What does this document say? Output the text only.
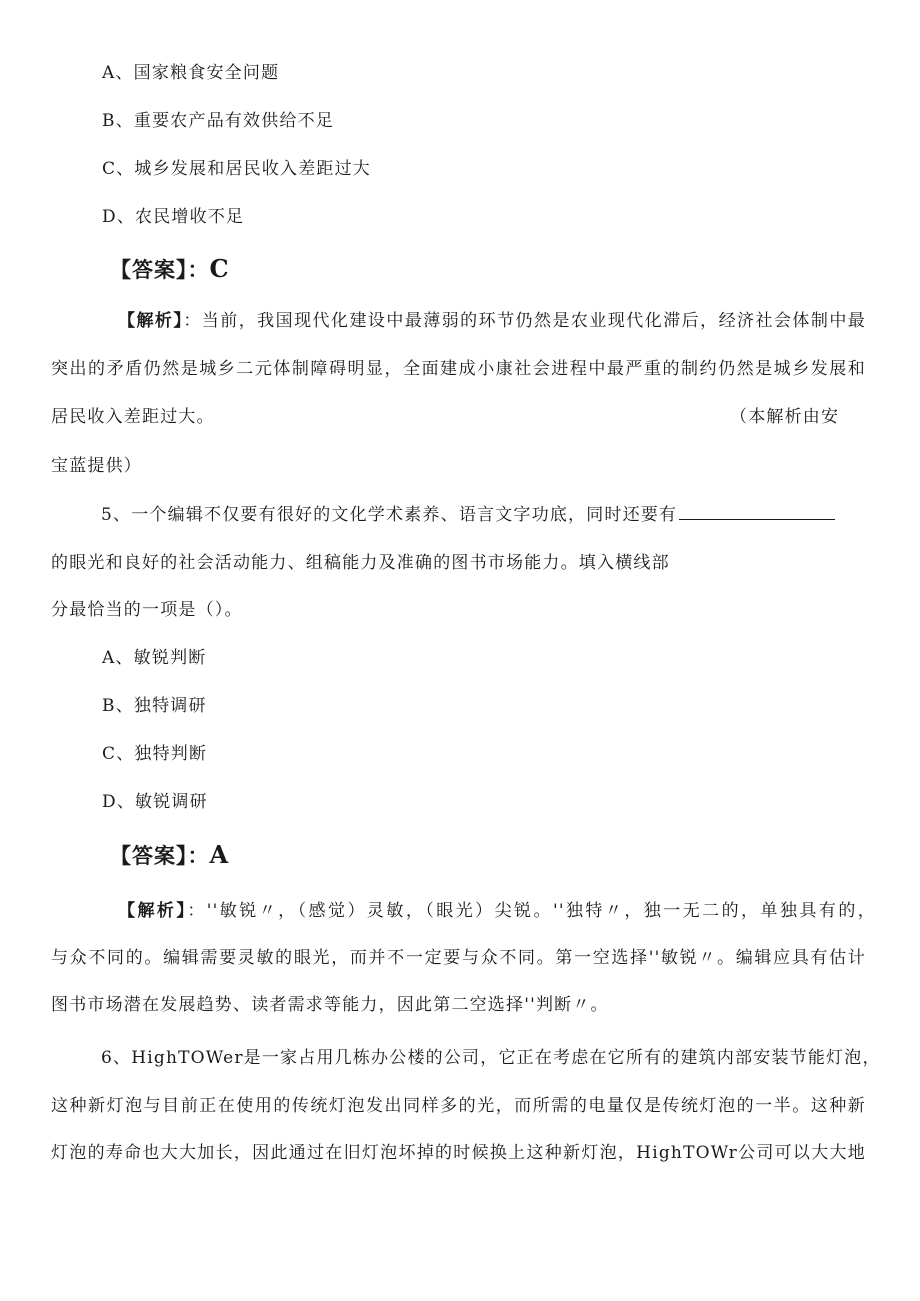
A、国家粮食安全问题
B、重要农产品有效供给不足
C、城乡发展和居民收入差距过大
D、农民增收不足
【答案】：C
【解析】：当前，我国现代化建设中最薄弱的环节仍然是农业现代化滞后，经济社会体制中最
突出的矛盾仍然是城乡二元体制障碍明显，全面建成小康社会进程中最严重的制约仍然是城乡发展和
居民收入差距过大。	（本解析由安
宝蓝提供）
5、一个编辑不仅要有很好的文化学术素养、语言文字功底，同时还要有
的眼光和良好的社会活动能力、组稿能力及准确的图书市场能力。填入横线部
分最恰当的一项是（）。
A、敏锐判断
B、独特调研
C、独特判断
D、敏锐调研
【答案】：A
【解析】：''敏锐〃，（感觉）灵敏，（眼光）尖锐。''独特〃，独一无二的，单独具有的，
与众不同的。编辑需要灵敏的眼光，而并不一定要与众不同。第一空选择''敏锐〃。编辑应具有估计
图书市场潜在发展趋势、读者需求等能力，因此第二空选择''判断〃。
6、HighTOWer是一家占用几栋办公楼的公司，它正在考虑在它所有的建筑内部安装节能灯泡，
这种新灯泡与目前正在使用的传统灯泡发出同样多的光，而所需的电量仅是传统灯泡的一半。这种新
灯泡的寿命也大大加长，因此通过在旧灯泡坏掉的时候换上这种新灯泡，HighTOWr公司可以大大地
